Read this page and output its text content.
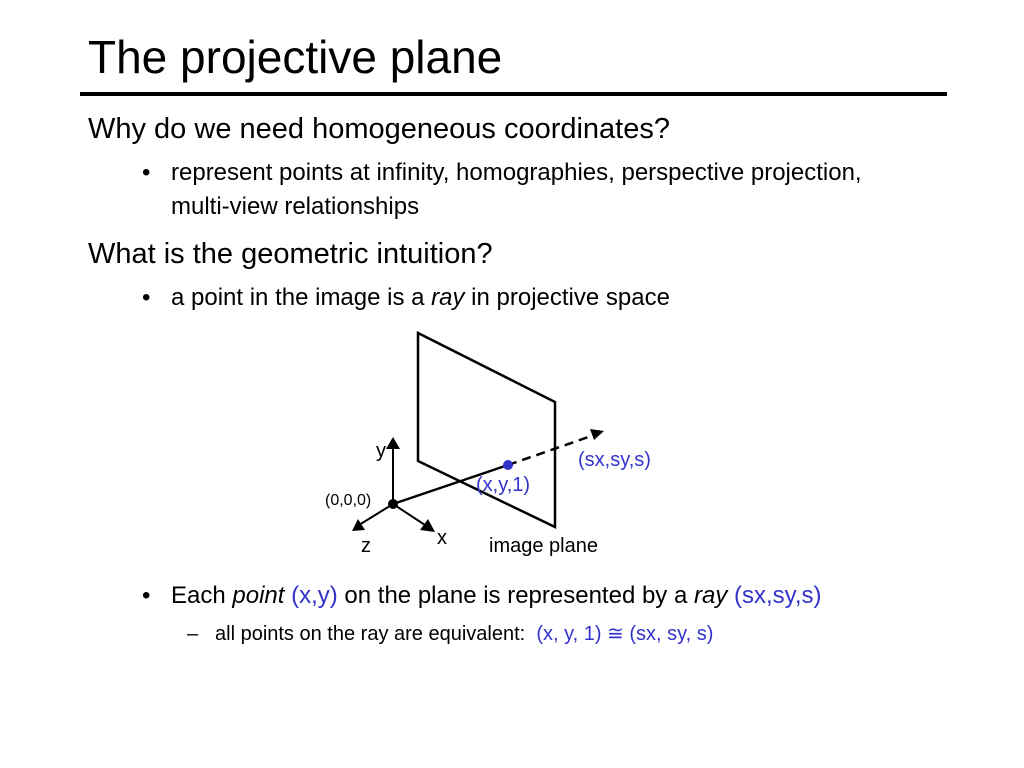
The projective plane
Why do we need homogeneous coordinates?
• represent points at infinity, homographies, perspective projection, multi-view relationships
What is the geometric intuition?
• a point in the image is a ray in projective space
y
x
z
(0,0,0)
(x,y,1)
(sx,sy,s)
image plane
• Each point (x,y) on the plane is represented by a ray (sx,sy,s)
– all points on the ray are equivalent:  (x, y, 1) ≅ (sx, sy, s)
